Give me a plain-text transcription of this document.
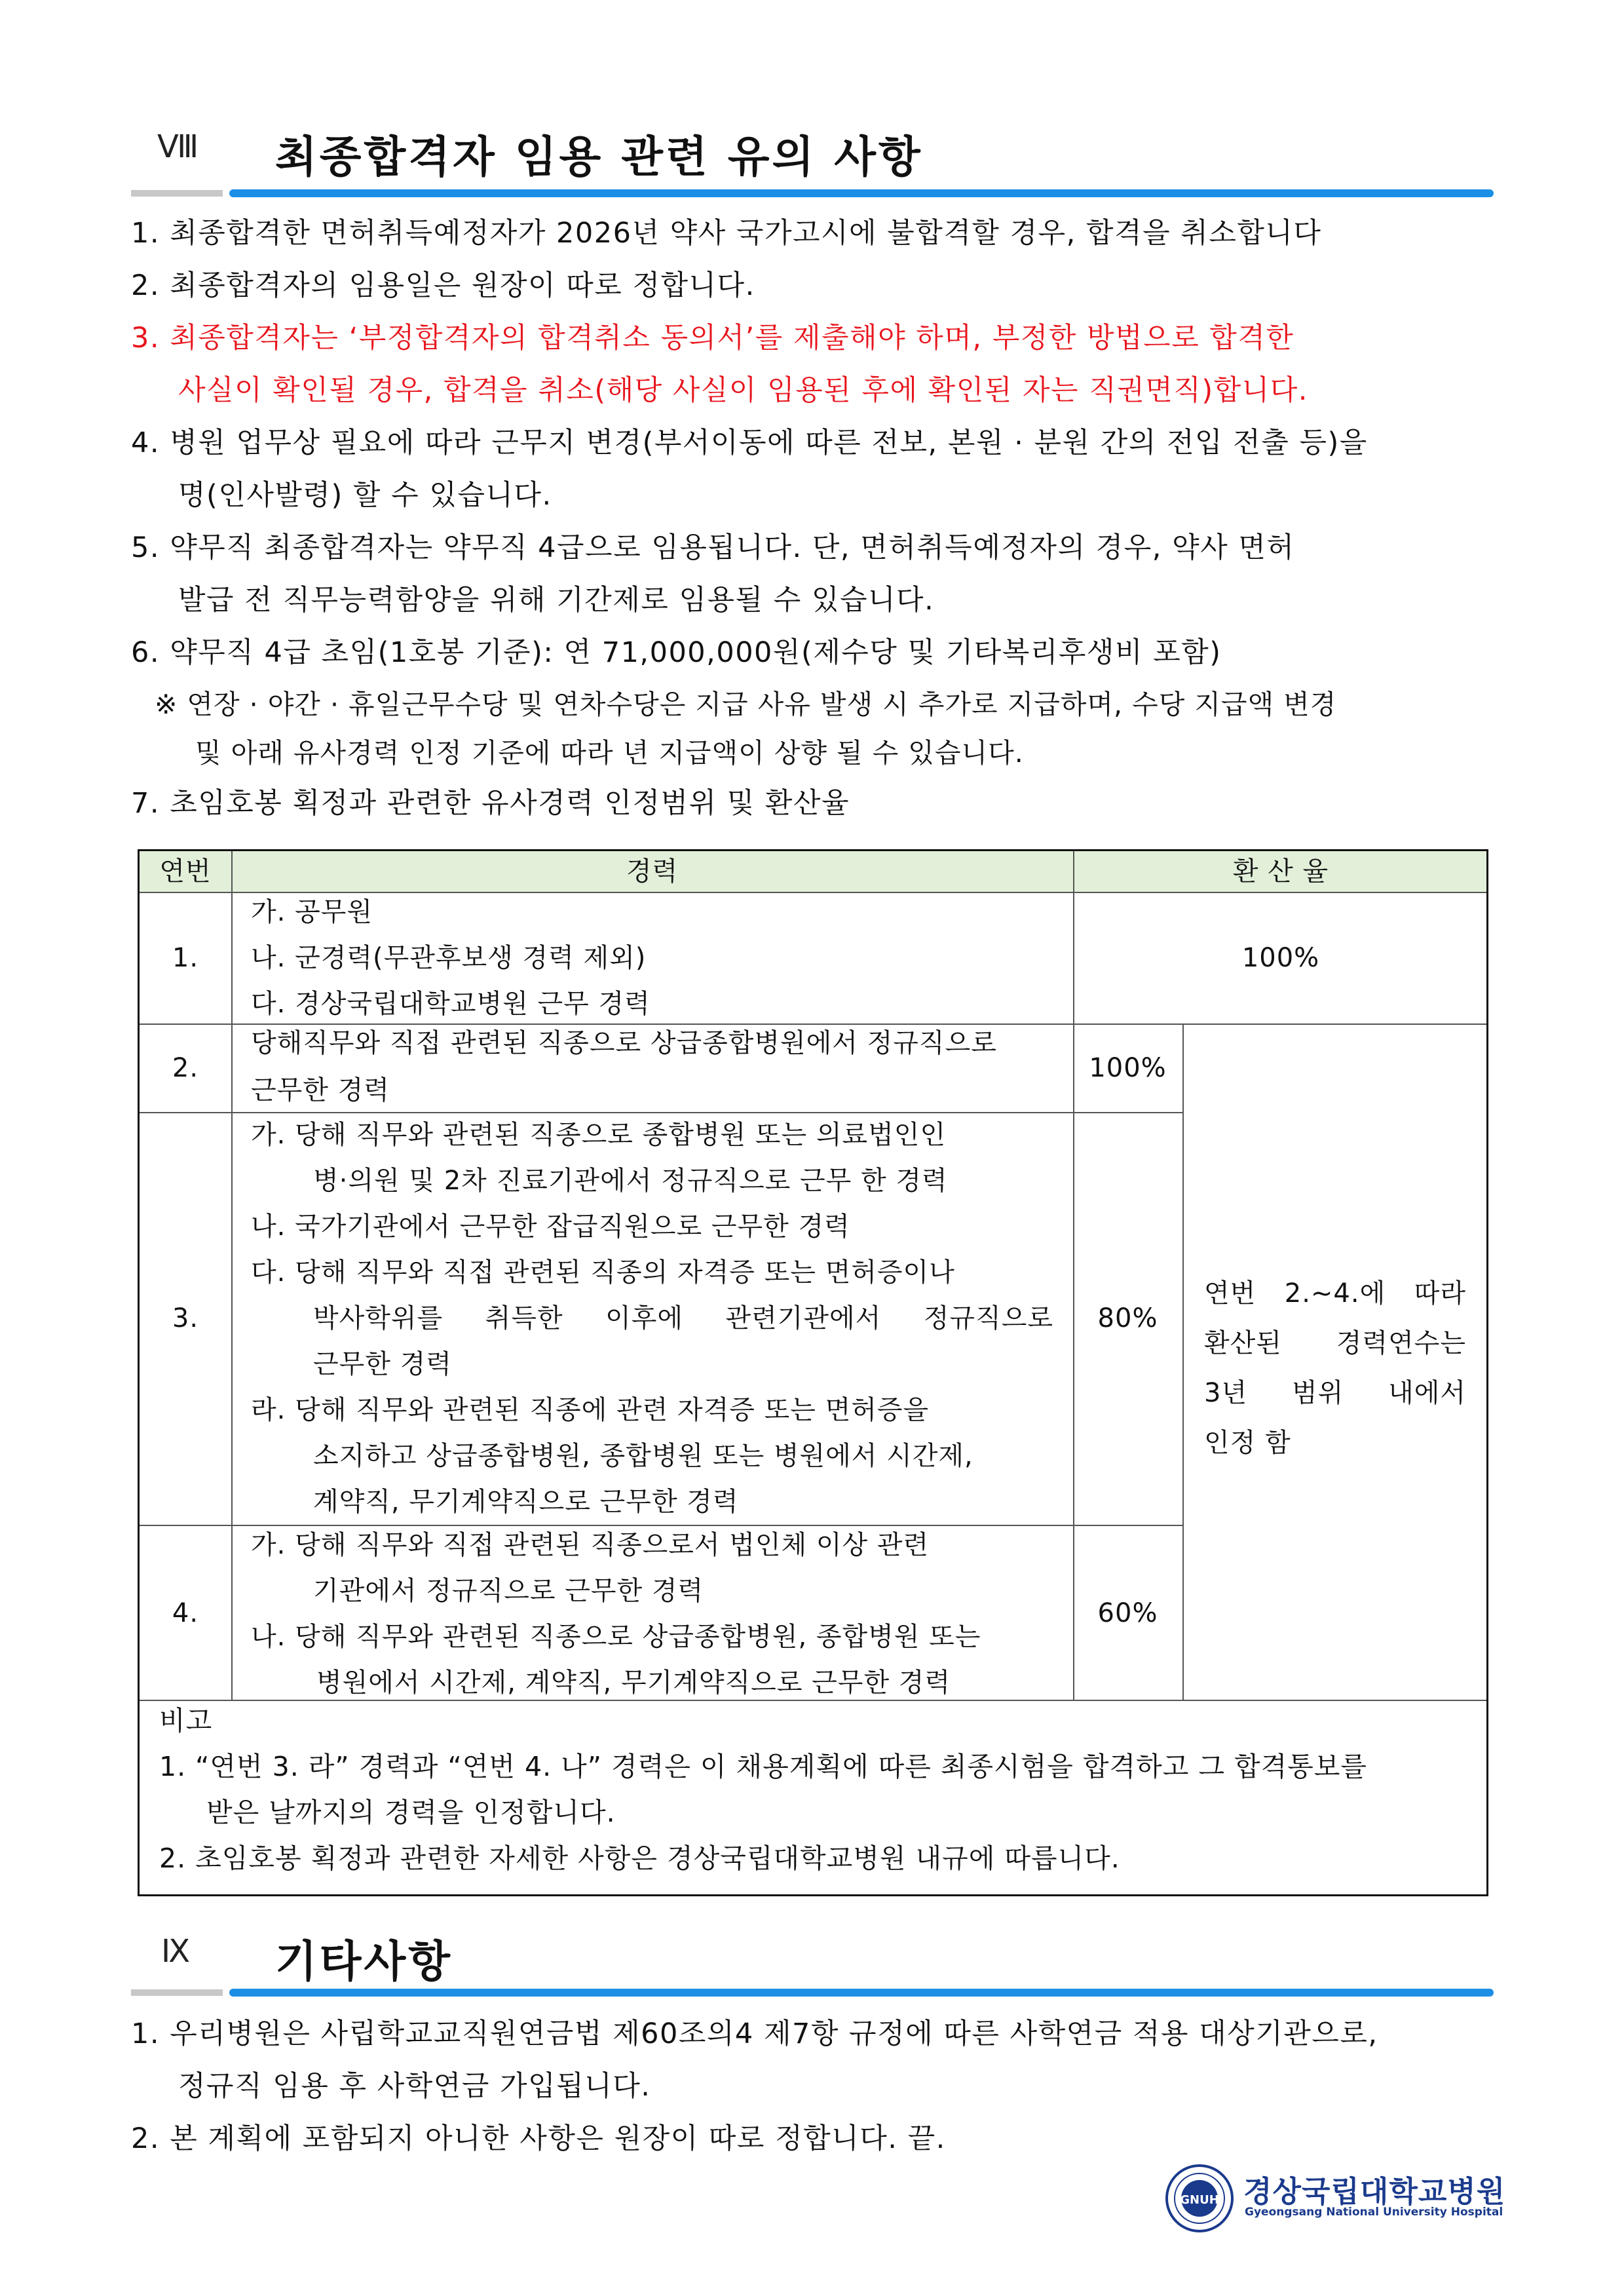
Ⅷ 최종합격자 임용 관련 유의 사항
1. 최종합격한 면허취득예정자가 2026년 약사 국가고시에 불합격할 경우, 합격을 취소합니다
2. 최종합격자의 임용일은 원장이 따로 정합니다.
3. 최종합격자는 ‘부정합격자의 합격취소 동의서’를 제출해야 하며, 부정한 방법으로 합격한
사실이 확인될 경우, 합격을 취소(해당 사실이 임용된 후에 확인된 자는 직권면직)합니다.
4. 병원 업무상 필요에 따라 근무지 변경(부서이동에 따른 전보, 본원 · 분원 간의 전입 전출 등)을
명(인사발령) 할 수 있습니다.
5. 약무직 최종합격자는 약무직 4급으로 임용됩니다. 단, 면허취득예정자의 경우, 약사 면허
발급 전 직무능력함양을 위해 기간제로 임용될 수 있습니다.
6. 약무직 4급 초임(1호봉 기준): 연 71,000,000원(제수당 및 기타복리후생비 포함)
※ 연장 · 야간 · 휴일근무수당 및 연차수당은 지급 사유 발생 시 추가로 지급하며, 수당 지급액 변경
및 아래 유사경력 인정 기준에 따라 년 지급액이 상향 될 수 있습니다.
7. 초임호봉 획정과 관련한 유사경력 인정범위 및 환산율
연번	경력	환 산 율
1.
가. 공무원
나. 군경력(무관후보생 경력 제외)
다. 경상국립대학교병원 근무 경력
100%
2.
당해직무와 직접 관련된 직종으로 상급종합병원에서 정규직으로
근무한 경력
100%
3.
가. 당해 직무와 관련된 직종으로 종합병원 또는 의료법인인
병·의원 및 2차 진료기관에서 정규직으로 근무 한 경력
나. 국가기관에서 근무한 잡급직원으로 근무한 경력
다. 당해 직무와 직접 관련된 직종의 자격증 또는 면허증이나
박사학위를 취득한 이후에 관련기관에서 정규직으로
근무한 경력
라. 당해 직무와 관련된 직종에 관련 자격증 또는 면허증을
소지하고 상급종합병원, 종합병원 또는 병원에서 시간제,
계약직, 무기계약직으로 근무한 경력
80%
4.
가. 당해 직무와 직접 관련된 직종으로서 법인체 이상 관련
기관에서 정규직으로 근무한 경력
나. 당해 직무와 관련된 직종으로 상급종합병원, 종합병원 또는
병원에서 시간제, 계약직, 무기계약직으로 근무한 경력
60%
연번 2.~4.에 따라
환산된 경력연수는
3년 범위 내에서
인정 함
비고
1. “연번 3. 라” 경력과 “연번 4. 나” 경력은 이 채용계획에 따른 최종시험을 합격하고 그 합격통보를
받은 날까지의 경력을 인정합니다.
2. 초임호봉 획정과 관련한 자세한 사항은 경상국립대학교병원 내규에 따릅니다.
Ⅸ 기타사항
1. 우리병원은 사립학교교직원연금법 제60조의4 제7항 규정에 따른 사학연금 적용 대상기관으로,
정규직 임용 후 사학연금 가입됩니다.
2. 본 계획에 포함되지 아니한 사항은 원장이 따로 정합니다. 끝.
GNUH 경상국립대학교병원
Gyeongsang National University Hospital
